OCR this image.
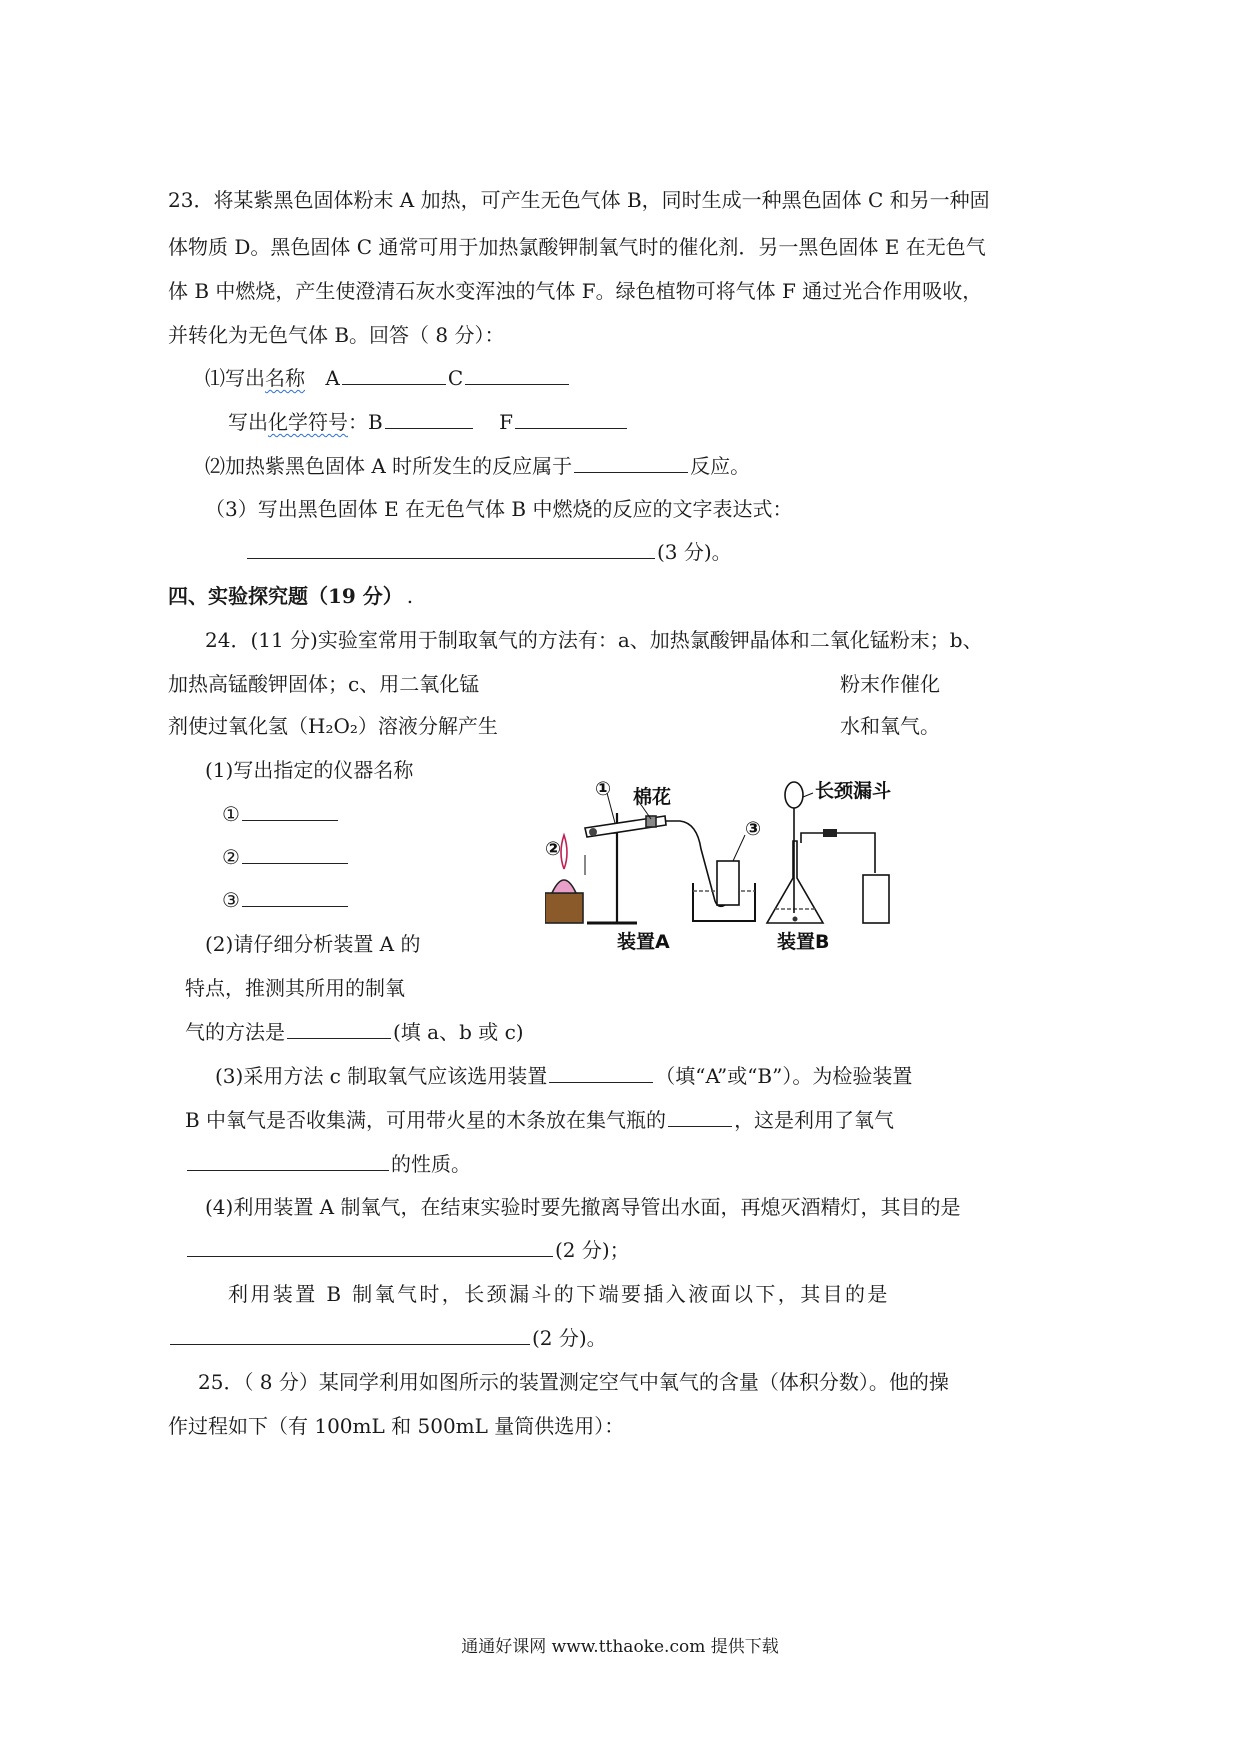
23．将某紫黑色固体粉末 A 加热，可产生无色气体 B，同时生成一种黑色固体 C 和另一种固
体物质 D。黑色固体 C 通常可用于加热氯酸钾制氧气时的催化剂．另一黑色固体 E 在无色气
体 B 中燃烧，产生使澄清石灰水变浑浊的气体 F。绿色植物可将气体 F 通过光合作用吸收，
并转化为无色气体 B。回答（ 8 分）：
⑴写出名称 A	C
写出化学符号：B	F
⑵加热紫黑色固体 A 时所发生的反应属于	反应。
（3）写出黑色固体 E 在无色气体 B 中燃烧的反应的文字表达式：
(3 分)。
四、实验探究题（19 分） .
24．(11 分)实验室常用于制取氧气的方法有：a、加热氯酸钾晶体和二氧化锰粉末；b、
加热高锰酸钾固体；c、用二氧化锰	粉末作催化
剂使过氧化氢（H₂O₂）溶液分解产生	水和氧气。
(1)写出指定的仪器名称
①
②
③
(2)请仔细分析装置 A 的
特点，推测其所用的制氧
气的方法是	(填 a、b 或 c)
(3)采用方法 c 制取氧气应该选用装置	（填“A”或“B”）。为检验装置
B 中氧气是否收集满，可用带火星的木条放在集气瓶的	，这是利用了氧气
的性质。
(4)利用装置 A 制氧气，在结束实验时要先撤离导管出水面，再熄灭酒精灯，其目的是
(2 分)；
利用装置 B 制氧气时，长颈漏斗的下端要插入液面以下，其目的是
(2 分)。
25．（ 8 分）某同学利用如图所示的装置测定空气中氧气的含量（体积分数）。他的操
作过程如下（有 100mL 和 500mL 量筒供选用）：
①
②
③
棉花	长颈漏斗
装置A	装置B
通通好课网 www.tthaoke.com 提供下载
